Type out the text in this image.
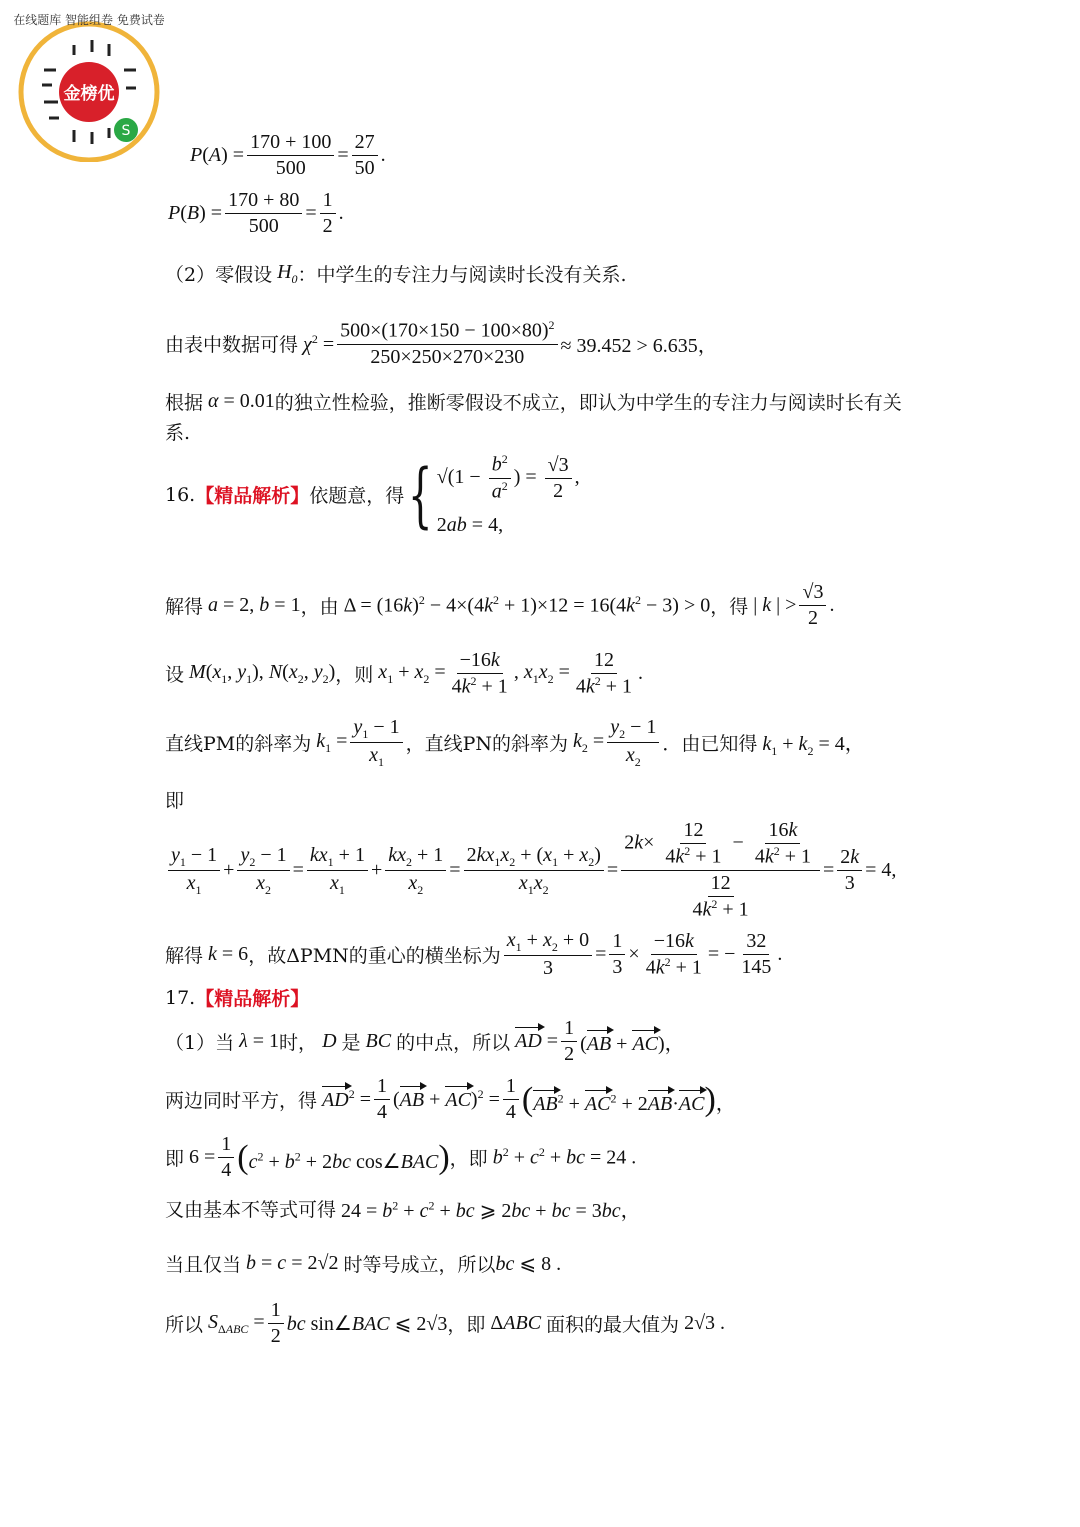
金榜优
S
在线题库 智能组卷 免费试卷
P ( A ) = $\frac{170 + 100}{500} = \frac{27}{50}$ .
P ( B ) = $\frac{170 + 80}{500} = \frac{1}{2}$ .
（2）零假设 $H_0$ ：中学生的专注力与阅读时长没有关系.
由表中数据可得 $\chi^2 = \frac{500\times(170\times 150 - 100\times 80)^2}{250\times 250\times 270\times 230} \approx 39.452 > 6.635$，
根据 α = 0.01 的独立性检验，推断零假设不成立，即认为中学生的专注力与阅读时长有关
系.
16. 【精品解析】 依题意，得 { $√(1 - \frac{b^2}{a^2}$ ) = $\frac{√3}{2}$ ,
2ab = 4,
解得 a = 2, b = 1 ，由 $\Delta = (16k)^2 - 4\times(4k^2 + 1)\times 12 = 16(4k^2 - 3) > 0$ ，得 | k | > $\frac{√3}{2}$ .
设 $M(x_1$, $y_1$), $N(x_2$, $y_2$) ，则 $x_1 + x_2 = \frac{-16k}{4k^2 + 1}$ , $x_1x_2 = \frac{12}{4k^2 + 1}$ .
直线PM的斜率为 $k_1 = \frac{y_1 - 1}{x_1}$ ，直线PN的斜率为 $k_2 = \frac{y_2 - 1}{x_2}$ ．由已知得 $k_1 + k_2 = 4$，
即
$\frac{y_1 - 1}{x_1} + \frac{y_2 - 1}{x_2} = \frac{kx_1 + 1}{x_1} + \frac{kx_2 + 1}{x_2} = \frac{2kx_1x_2 + (x_1 + x_2)}{x_1x_2} = \frac{2k\times \frac{12}{4k^2 + 1} - \frac{16k}{4k^2 + 1}}{\frac{12}{4k^2 + 1}} = \frac{2k}{3} = 4$,
解得 k = 6 ，故ΔPMN的重心的横坐标为 $\frac{x_1 + x_2 + 0}{3} = \frac{1}{3} \times \frac{-16k}{4k^2 + 1}$ = − $\frac{32}{145}$ .
17. 【精品解析】
（1）当 λ = 1 时， D 是 BC 的中点，所以 AD = $\frac{1}{2} (AB + AC)$，
两边同时平方，得 $AD^2 = \frac{1}{4} (AB + AC)^2 = \frac{1}{4} (AB^2 + AC^2 + 2AB\cdot AC)$，
即 $6 = \frac{1}{4} (c^2 + b^2 + 2bc$ cos∠BAC) ，即 $b^2 + c^2$ + bc = 24 .
又由基本不等式可得 $24 = b^2 + c^2$ + bc ⩾ 2bc + bc = 3bc，
当且仅当 b = c = 2√2 时等号成立，所以 bc ⩽ 8 .
所以 $S_{\Delta ABC} = \frac{1}{2}$ bc sin∠BAC ⩽ 2√3 ，即 ΔABC 面积的最大值为 2√3 .
